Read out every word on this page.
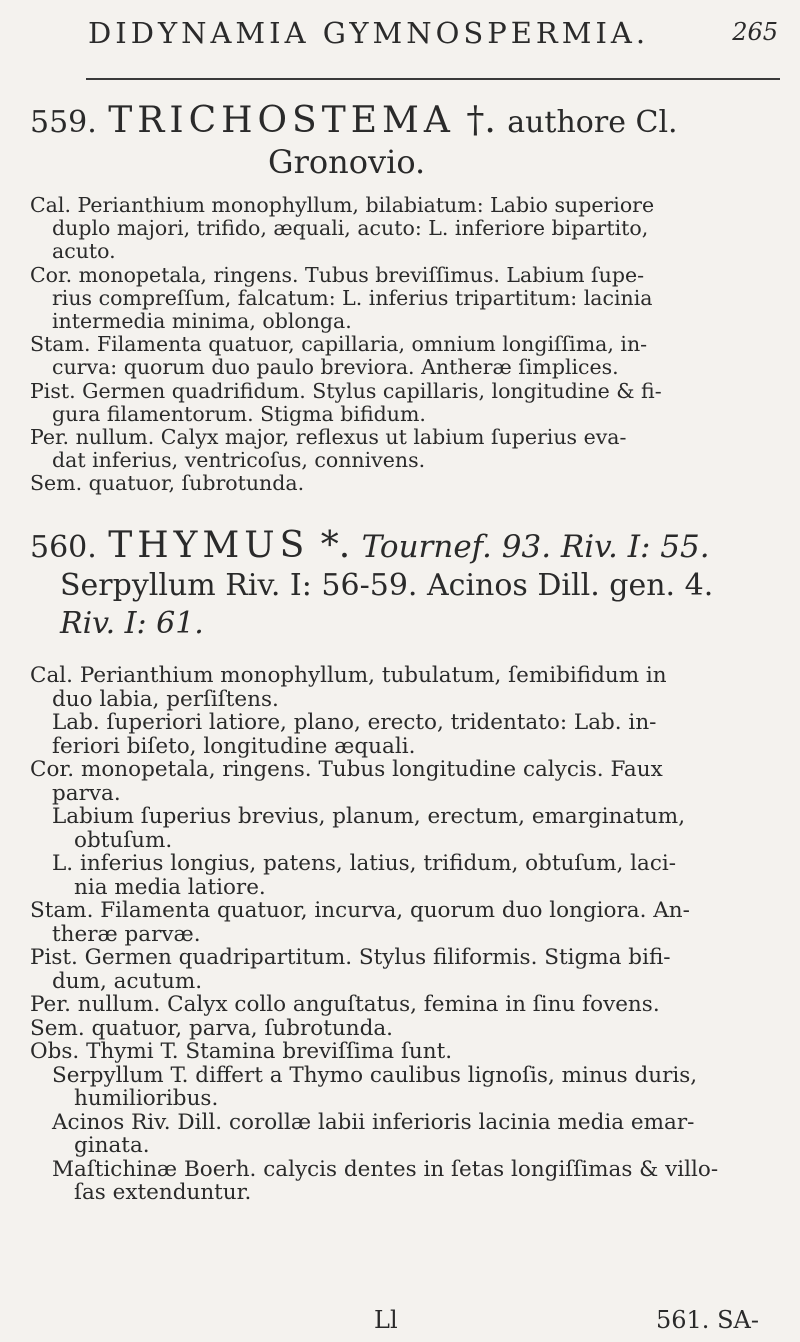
DIDYNAMIA GYMNOSPERMIA.	265
559. TRICHOSTEMA †. authore Cl.
Gronovio.
Cal. Perianthium monophyllum, bilabiatum: Labio superiore
duplo majori, trifido, æquali, acuto: L. inferiore bipartito,
acuto.
Cor. monopetala, ringens. Tubus breviſſimus. Labium ſupe-
rius compreſſum, falcatum: L. inferius tripartitum: lacinia
intermedia minima, oblonga.
Stam. Filamenta quatuor, capillaria, omnium longiſſima, in-
curva: quorum duo paulo breviora. Antheræ ſimplices.
Pist. Germen quadrifidum. Stylus capillaris, longitudine & fi-
gura filamentorum. Stigma bifidum.
Per. nullum. Calyx major, reflexus ut labium ſuperius eva-
dat inferius, ventricoſus, connivens.
Sem. quatuor, ſubrotunda.
560. THYMUS *. Tournef. 93. Riv. I: 55.
Serpyllum Riv. I: 56-59. Acinos Dill. gen. 4.
Riv. I: 61.
Cal. Perianthium monophyllum, tubulatum, ſemibifidum in
duo labia, perſiſtens.
Lab. ſuperiori latiore, plano, erecto, tridentato: Lab. in-
feriori biſeto, longitudine æquali.
Cor. monopetala, ringens. Tubus longitudine calycis. Faux
parva.
Labium ſuperius brevius, planum, erectum, emarginatum,
obtuſum.
L. inferius longius, patens, latius, trifidum, obtuſum, laci-
nia media latiore.
Stam. Filamenta quatuor, incurva, quorum duo longiora. An-
theræ parvæ.
Pist. Germen quadripartitum. Stylus filiformis. Stigma bifi-
dum, acutum.
Per. nullum. Calyx collo anguſtatus, femina in ſinu fovens.
Sem. quatuor, parva, ſubrotunda.
Obs. Thymi T. Stamina breviſſima ſunt.
Serpyllum T. differt a Thymo caulibus lignoſis, minus duris,
humilioribus.
Acinos Riv. Dill. corollæ labii inferioris lacinia media emar-
ginata.
Maſtichinæ Boerh. calycis dentes in ſetas longiſſimas & villo-
ſas extenduntur.
Ll	561. SA-
